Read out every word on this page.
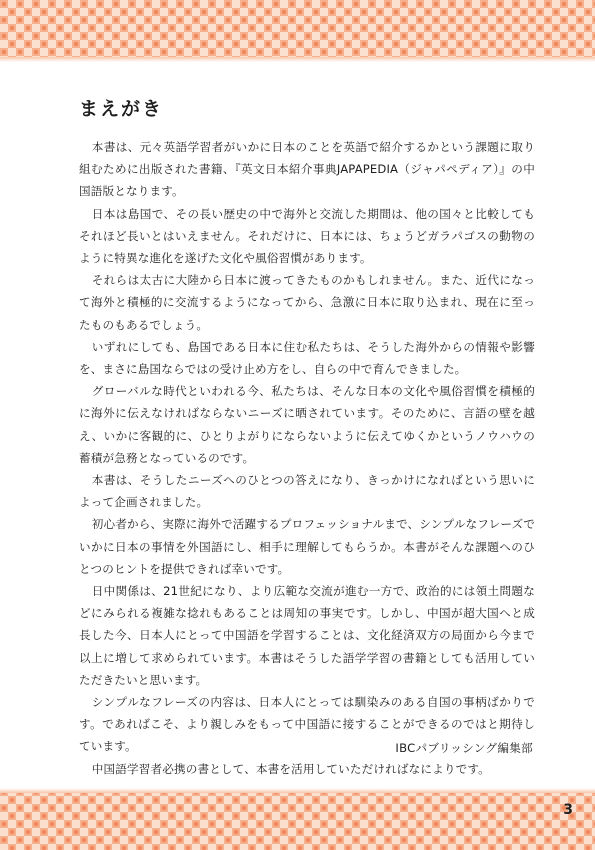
まえがき

本書は、元々英語学習者がいかに日本のことを英語で紹介するかという課題に取り組むために出版された書籍、『英文日本紹介事典JAPAPEDIA（ジャパペディア）』の中国語版となります。

日本は島国で、その長い歴史の中で海外と交流した期間は、他の国々と比較してもそれほど長いとはいえません。それだけに、日本には、ちょうどガラパゴスの動物のように特異な進化を遂げた文化や風俗習慣があります。

それらは太古に大陸から日本に渡ってきたものかもしれません。また、近代になって海外と積極的に交流するようになってから、急激に日本に取り込まれ、現在に至ったものもあるでしょう。

いずれにしても、島国である日本に住む私たちは、そうした海外からの情報や影響を、まさに島国ならではの受け止め方をし、自らの中で育んできました。

グローバルな時代といわれる今、私たちは、そんな日本の文化や風俗習慣を積極的に海外に伝えなければならないニーズに晒されています。そのために、言語の壁を越え、いかに客観的に、ひとりよがりにならないように伝えてゆくかというノウハウの蓄積が急務となっているのです。

本書は、そうしたニーズへのひとつの答えになり、きっかけになればという思いによって企画されました。

初心者から、実際に海外で活躍するプロフェッショナルまで、シンプルなフレーズでいかに日本の事情を外国語にし、相手に理解してもらうか。本書がそんな課題へのひとつのヒントを提供できれば幸いです。

日中関係は、21世紀になり、より広範な交流が進む一方で、政治的には領土問題などにみられる複雑な捻れもあることは周知の事実です。しかし、中国が超大国へと成長した今、日本人にとって中国語を学習することは、文化経済双方の局面から今まで以上に増して求められています。本書はそうした語学学習の書籍としても活用していただきたいと思います。

シンプルなフレーズの内容は、日本人にとっては馴染みのある自国の事柄ばかりです。であればこそ、より親しみをもって中国語に接することができるのではと期待しています。

中国語学習者必携の書として、本書を活用していただければなによりです。

IBCパブリッシング編集部
3
